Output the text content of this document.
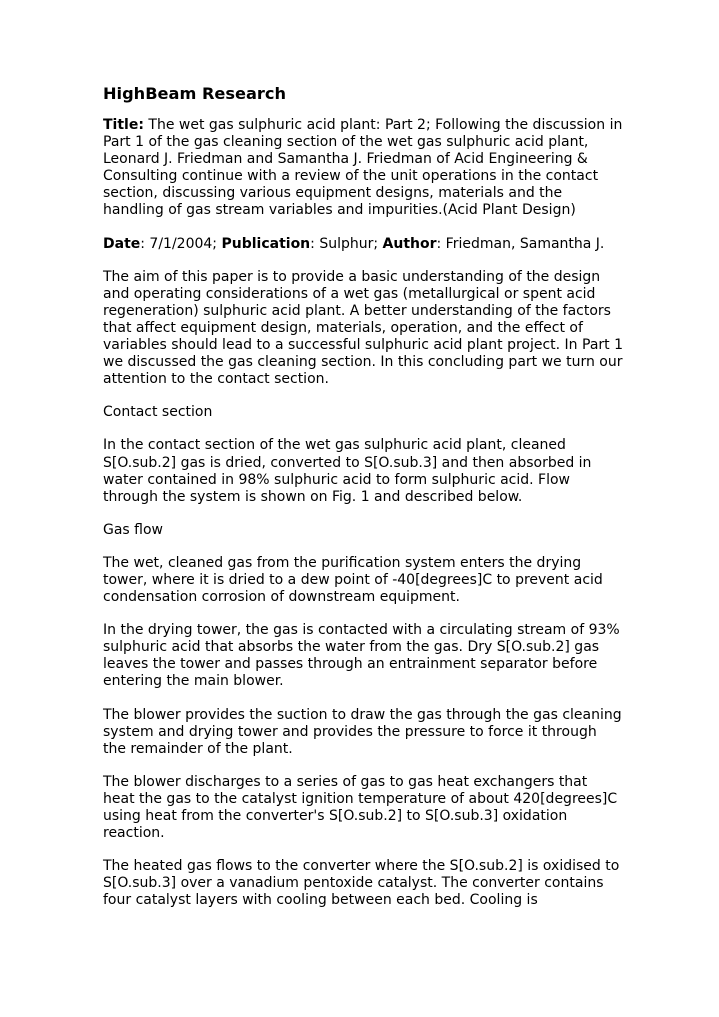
HighBeam Research

Title: The wet gas sulphuric acid plant: Part 2; Following the discussion in Part 1 of the gas cleaning section of the wet gas sulphuric acid plant, Leonard J. Friedman and Samantha J. Friedman of Acid Engineering & Consulting continue with a review of the unit operations in the contact section, discussing various equipment designs, materials and the handling of gas stream variables and impurities.(Acid Plant Design)

Date: 7/1/2004; Publication: Sulphur; Author: Friedman, Samantha J.

The aim of this paper is to provide a basic understanding of the design and operating considerations of a wet gas (metallurgical or spent acid regeneration) sulphuric acid plant. A better understanding of the factors that affect equipment design, materials, operation, and the effect of variables should lead to a successful sulphuric acid plant project. In Part 1 we discussed the gas cleaning section. In this concluding part we turn our attention to the contact section.

Contact section

In the contact section of the wet gas sulphuric acid plant, cleaned S[O.sub.2] gas is dried, converted to S[O.sub.3] and then absorbed in water contained in 98% sulphuric acid to form sulphuric acid. Flow through the system is shown on Fig. 1 and described below.

Gas flow

The wet, cleaned gas from the purification system enters the drying tower, where it is dried to a dew point of -40[degrees]C to prevent acid condensation corrosion of downstream equipment.

In the drying tower, the gas is contacted with a circulating stream of 93% sulphuric acid that absorbs the water from the gas. Dry S[O.sub.2] gas leaves the tower and passes through an entrainment separator before entering the main blower.

The blower provides the suction to draw the gas through the gas cleaning system and drying tower and provides the pressure to force it through the remainder of the plant.

The blower discharges to a series of gas to gas heat exchangers that heat the gas to the catalyst ignition temperature of about 420[degrees]C using heat from the converter's S[O.sub.2] to S[O.sub.3] oxidation reaction.

The heated gas flows to the converter where the S[O.sub.2] is oxidised to S[O.sub.3] over a vanadium pentoxide catalyst. The converter contains four catalyst layers with cooling between each bed. Cooling is
